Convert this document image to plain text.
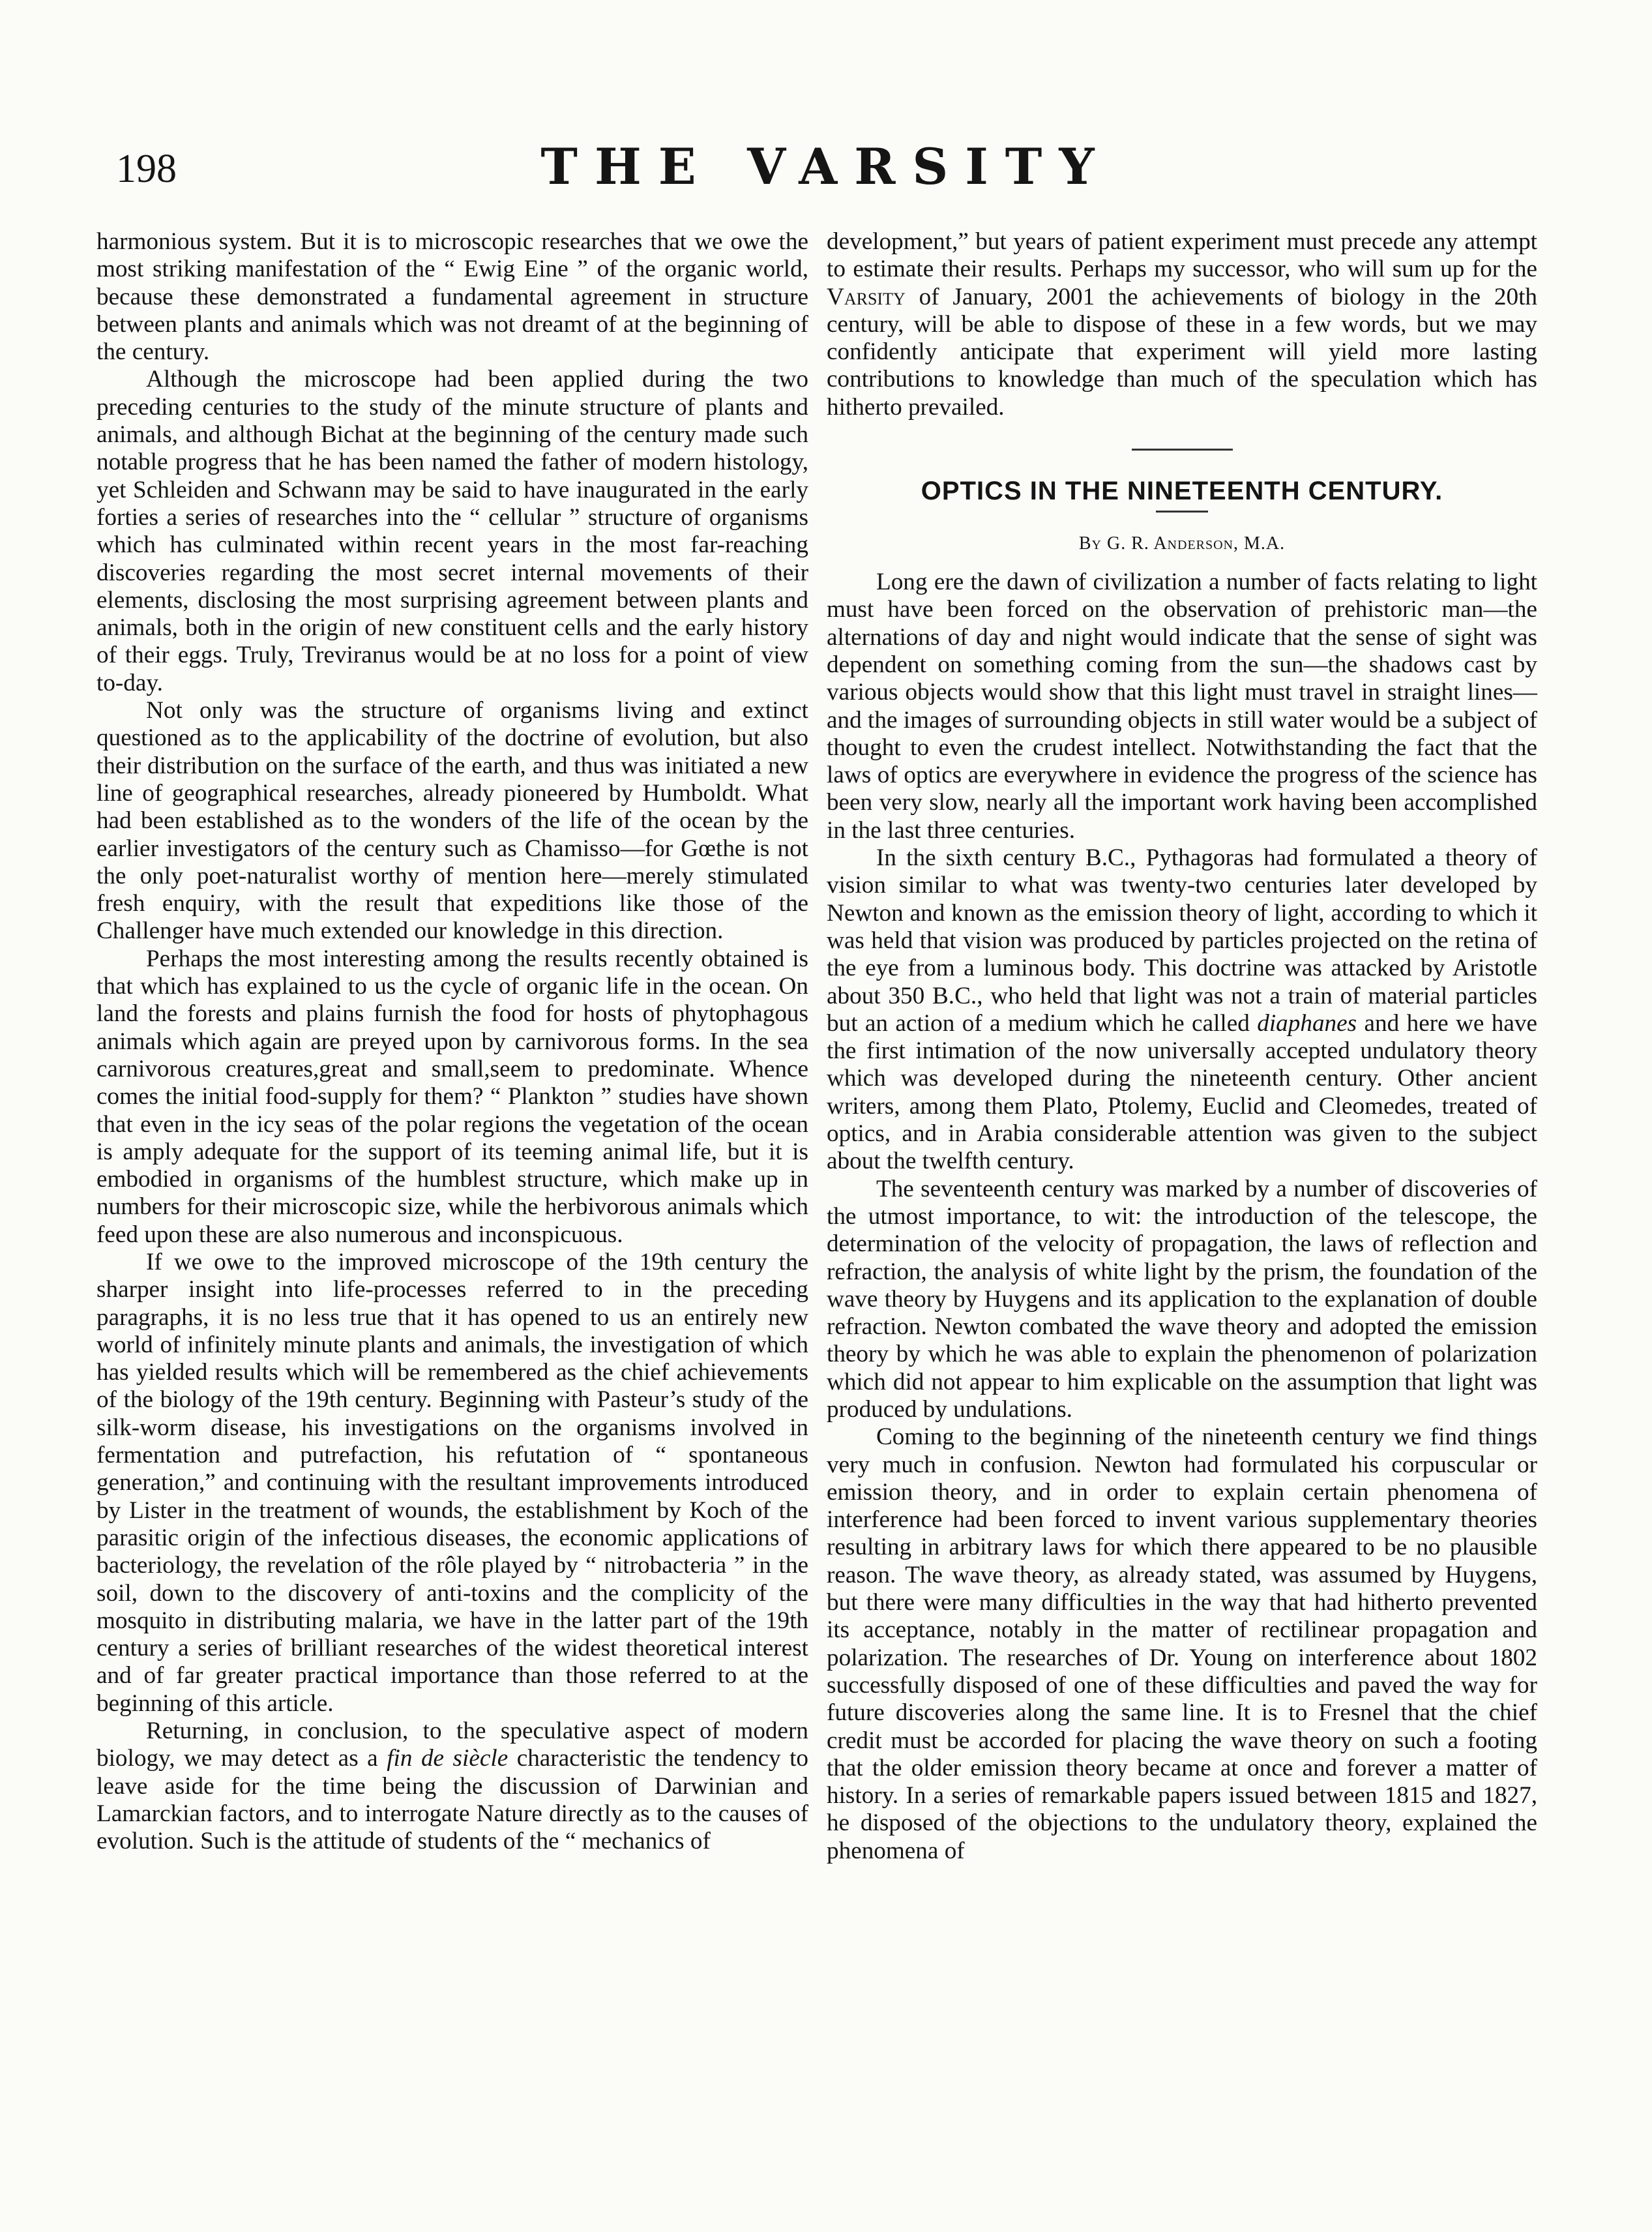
198	THE VARSITY

harmonious system. But it is to microscopic researches that we owe the most striking manifestation of the “ Ewig Eine ” of the organic world, because these demonstrated a fundamental agreement in structure between plants and animals which was not dreamt of at the beginning of the century.

Although the microscope had been applied during the two preceding centuries to the study of the minute structure of plants and animals, and although Bichat at the beginning of the century made such notable progress that he has been named the father of modern histology, yet Schleiden and Schwann may be said to have inaugurated in the early forties a series of researches into the “ cellular ” structure of organisms which has culminated within recent years in the most far-reaching discoveries regarding the most secret internal movements of their elements, disclosing the most surprising agreement between plants and animals, both in the origin of new constituent cells and the early history of their eggs. Truly, Treviranus would be at no loss for a point of view to-day.

Not only was the structure of organisms living and extinct questioned as to the applicability of the doctrine of evolution, but also their distribution on the surface of the earth, and thus was initiated a new line of geographical researches, already pioneered by Humboldt. What had been established as to the wonders of the life of the ocean by the earlier investigators of the century such as Chamisso—for Gœthe is not the only poet-naturalist worthy of mention here—merely stimulated fresh enquiry, with the result that expeditions like those of the Challenger have much extended our knowledge in this direction.

Perhaps the most interesting among the results recently obtained is that which has explained to us the cycle of organic life in the ocean. On land the forests and plains furnish the food for hosts of phytophagous animals which again are preyed upon by carnivorous forms. In the sea carnivorous creatures,great and small,seem to predominate. Whence comes the initial food-supply for them? “ Plankton ” studies have shown that even in the icy seas of the polar regions the vegetation of the ocean is amply adequate for the support of its teeming animal life, but it is embodied in organisms of the humblest structure, which make up in numbers for their microscopic size, while the herbivorous animals which feed upon these are also numerous and inconspicuous.

If we owe to the improved microscope of the 19th century the sharper insight into life-processes referred to in the preceding paragraphs, it is no less true that it has opened to us an entirely new world of infinitely minute plants and animals, the investigation of which has yielded results which will be remembered as the chief achievements of the biology of the 19th century. Beginning with Pasteur’s study of the silk-worm disease, his investigations on the organisms involved in fermentation and putrefaction, his refutation of “ spontaneous generation,” and continuing with the resultant improvements introduced by Lister in the treatment of wounds, the establishment by Koch of the parasitic origin of the infectious diseases, the economic applications of bacteriology, the revelation of the rôle played by “ nitrobacteria ” in the soil, down to the discovery of anti-toxins and the complicity of the mosquito in distributing malaria, we have in the latter part of the 19th century a series of brilliant researches of the widest theoretical interest and of far greater practical importance than those referred to at the beginning of this article.

Returning, in conclusion, to the speculative aspect of modern biology, we may detect as a fin de siècle characteristic the tendency to leave aside for the time being the discussion of Darwinian and Lamarckian factors, and to interrogate Nature directly as to the causes of evolution. Such is the attitude of students of the “ mechanics of

development,” but years of patient experiment must precede any attempt to estimate their results. Perhaps my successor, who will sum up for the Varsity of January, 2001 the achievements of biology in the 20th century, will be able to dispose of these in a few words, but we may confidently anticipate that experiment will yield more lasting contributions to knowledge than much of the speculation which has hitherto prevailed.

OPTICS IN THE NINETEENTH CENTURY.
By G. R. Anderson, M.A.

Long ere the dawn of civilization a number of facts relating to light must have been forced on the observation of prehistoric man—the alternations of day and night would indicate that the sense of sight was dependent on something coming from the sun—the shadows cast by various objects would show that this light must travel in straight lines—and the images of surrounding objects in still water would be a subject of thought to even the crudest intellect. Notwithstanding the fact that the laws of optics are everywhere in evidence the progress of the science has been very slow, nearly all the important work having been accomplished in the last three centuries.

In the sixth century B.C., Pythagoras had formulated a theory of vision similar to what was twenty-two centuries later developed by Newton and known as the emission theory of light, according to which it was held that vision was produced by particles projected on the retina of the eye from a luminous body. This doctrine was attacked by Aristotle about 350 B.C., who held that light was not a train of material particles but an action of a medium which he called diaphanes and here we have the first intimation of the now universally accepted undulatory theory which was developed during the nineteenth century. Other ancient writers, among them Plato, Ptolemy, Euclid and Cleomedes, treated of optics, and in Arabia considerable attention was given to the subject about the twelfth century.

The seventeenth century was marked by a number of discoveries of the utmost importance, to wit: the introduction of the telescope, the determination of the velocity of propagation, the laws of reflection and refraction, the analysis of white light by the prism, the foundation of the wave theory by Huygens and its application to the explanation of double refraction. Newton combated the wave theory and adopted the emission theory by which he was able to explain the phenomenon of polarization which did not appear to him explicable on the assumption that light was produced by undulations.

Coming to the beginning of the nineteenth century we find things very much in confusion. Newton had formulated his corpuscular or emission theory, and in order to explain certain phenomena of interference had been forced to invent various supplementary theories resulting in arbitrary laws for which there appeared to be no plausible reason. The wave theory, as already stated, was assumed by Huygens, but there were many difficulties in the way that had hitherto prevented its acceptance, notably in the matter of rectilinear propagation and polarization. The researches of Dr. Young on interference about 1802 successfully disposed of one of these difficulties and paved the way for future discoveries along the same line. It is to Fresnel that the chief credit must be accorded for placing the wave theory on such a footing that the older emission theory became at once and forever a matter of history. In a series of remarkable papers issued between 1815 and 1827, he disposed of the objections to the undulatory theory, explained the phenomena of
